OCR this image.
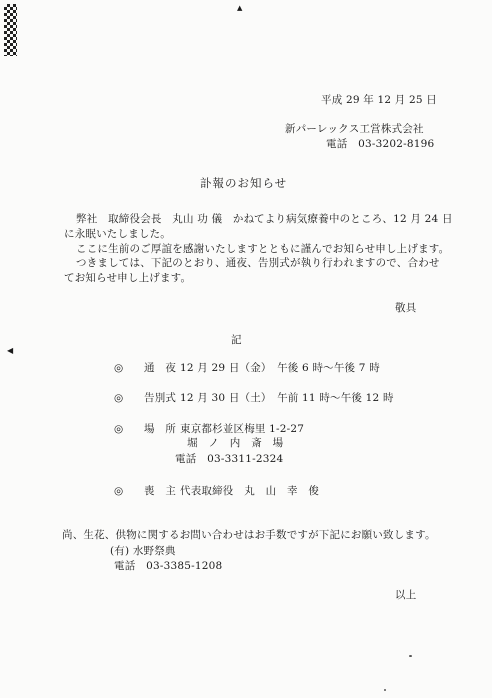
▲
◀
平成 29 年 12 月 25 日
新パーレックス工営株式会社
電話　03-3202-8196
訃報のお知らせ
弊社　取締役会長　丸山 功 儀　かねてより病気療養中のところ、12 月 24 日
に永眠いたしました。
ここに生前のご厚誼を感謝いたしますとともに謹んでお知らせ申し上げます。
つきましては、下記のとおり、通夜、告別式が執り行われますので、合わせ
てお知らせ申し上げます。
敬具
記
◎ 通　夜 12 月 29 日（金）　午後 6 時〜午後 7 時
◎ 告別式 12 月 30 日（土）　午前 11 時〜午後 12 時
◎ 場　所 東京都杉並区梅里 1-2-27
堀　ノ　内　斎　場
電話　03-3311-2324
◎ 喪　主 代表取締役　丸　山　幸　俊
尚、生花、供物に関するお問い合わせはお手数ですが下記にお願い致します。
(有) 水野祭典
電話　03-3385-1208
以上
